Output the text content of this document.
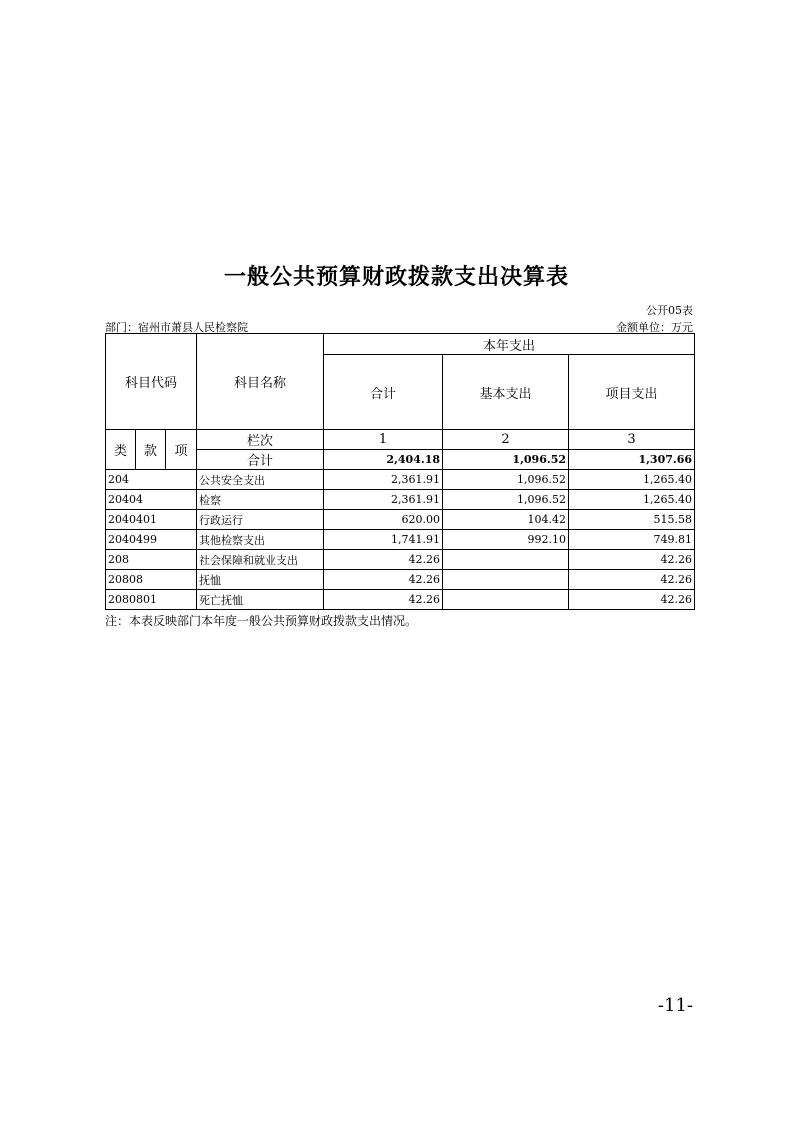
一般公共预算财政拨款支出决算表
公开05表
部门：宿州市萧县人民检察院	金额单位：万元
科目代码			科目名称	本年支出		
				合计	基本支出	项目支出
类	款	项	栏次	1	2	3
			合计	2,404.18	1,096.52	1,307.66
204			公共安全支出	2,361.91	1,096.52	1,265.40
20404			检察	2,361.91	1,096.52	1,265.40
2040401			行政运行	620.00	104.42	515.58
2040499			其他检察支出	1,741.91	992.10	749.81
208			社会保障和就业支出	42.26		42.26
20808			抚恤	42.26		42.26
2080801			死亡抚恤	42.26		42.26
注：本表反映部门本年度一般公共预算财政拨款支出情况。
-11-
